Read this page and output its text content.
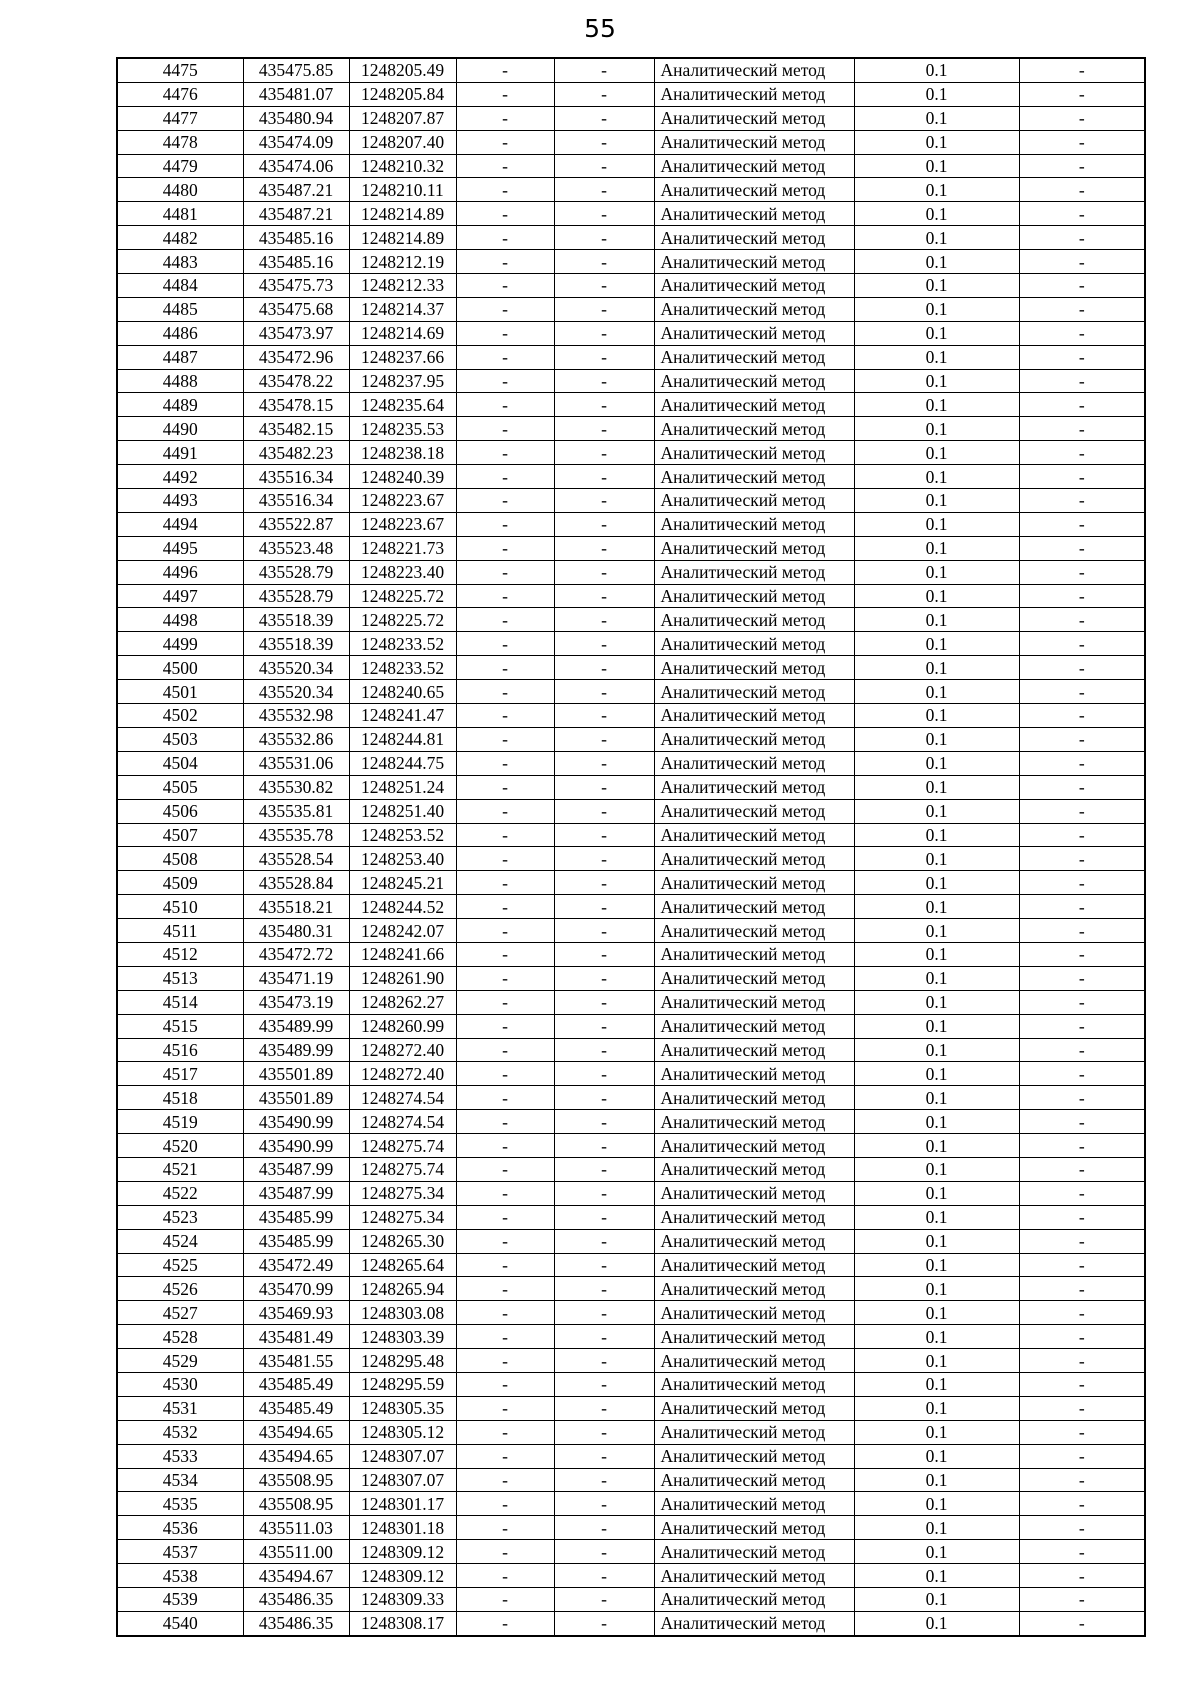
55
4475	435475.85	1248205.49	-	-	Аналитический метод	0.1	-
4476	435481.07	1248205.84	-	-	Аналитический метод	0.1	-
4477	435480.94	1248207.87	-	-	Аналитический метод	0.1	-
4478	435474.09	1248207.40	-	-	Аналитический метод	0.1	-
4479	435474.06	1248210.32	-	-	Аналитический метод	0.1	-
4480	435487.21	1248210.11	-	-	Аналитический метод	0.1	-
4481	435487.21	1248214.89	-	-	Аналитический метод	0.1	-
4482	435485.16	1248214.89	-	-	Аналитический метод	0.1	-
4483	435485.16	1248212.19	-	-	Аналитический метод	0.1	-
4484	435475.73	1248212.33	-	-	Аналитический метод	0.1	-
4485	435475.68	1248214.37	-	-	Аналитический метод	0.1	-
4486	435473.97	1248214.69	-	-	Аналитический метод	0.1	-
4487	435472.96	1248237.66	-	-	Аналитический метод	0.1	-
4488	435478.22	1248237.95	-	-	Аналитический метод	0.1	-
4489	435478.15	1248235.64	-	-	Аналитический метод	0.1	-
4490	435482.15	1248235.53	-	-	Аналитический метод	0.1	-
4491	435482.23	1248238.18	-	-	Аналитический метод	0.1	-
4492	435516.34	1248240.39	-	-	Аналитический метод	0.1	-
4493	435516.34	1248223.67	-	-	Аналитический метод	0.1	-
4494	435522.87	1248223.67	-	-	Аналитический метод	0.1	-
4495	435523.48	1248221.73	-	-	Аналитический метод	0.1	-
4496	435528.79	1248223.40	-	-	Аналитический метод	0.1	-
4497	435528.79	1248225.72	-	-	Аналитический метод	0.1	-
4498	435518.39	1248225.72	-	-	Аналитический метод	0.1	-
4499	435518.39	1248233.52	-	-	Аналитический метод	0.1	-
4500	435520.34	1248233.52	-	-	Аналитический метод	0.1	-
4501	435520.34	1248240.65	-	-	Аналитический метод	0.1	-
4502	435532.98	1248241.47	-	-	Аналитический метод	0.1	-
4503	435532.86	1248244.81	-	-	Аналитический метод	0.1	-
4504	435531.06	1248244.75	-	-	Аналитический метод	0.1	-
4505	435530.82	1248251.24	-	-	Аналитический метод	0.1	-
4506	435535.81	1248251.40	-	-	Аналитический метод	0.1	-
4507	435535.78	1248253.52	-	-	Аналитический метод	0.1	-
4508	435528.54	1248253.40	-	-	Аналитический метод	0.1	-
4509	435528.84	1248245.21	-	-	Аналитический метод	0.1	-
4510	435518.21	1248244.52	-	-	Аналитический метод	0.1	-
4511	435480.31	1248242.07	-	-	Аналитический метод	0.1	-
4512	435472.72	1248241.66	-	-	Аналитический метод	0.1	-
4513	435471.19	1248261.90	-	-	Аналитический метод	0.1	-
4514	435473.19	1248262.27	-	-	Аналитический метод	0.1	-
4515	435489.99	1248260.99	-	-	Аналитический метод	0.1	-
4516	435489.99	1248272.40	-	-	Аналитический метод	0.1	-
4517	435501.89	1248272.40	-	-	Аналитический метод	0.1	-
4518	435501.89	1248274.54	-	-	Аналитический метод	0.1	-
4519	435490.99	1248274.54	-	-	Аналитический метод	0.1	-
4520	435490.99	1248275.74	-	-	Аналитический метод	0.1	-
4521	435487.99	1248275.74	-	-	Аналитический метод	0.1	-
4522	435487.99	1248275.34	-	-	Аналитический метод	0.1	-
4523	435485.99	1248275.34	-	-	Аналитический метод	0.1	-
4524	435485.99	1248265.30	-	-	Аналитический метод	0.1	-
4525	435472.49	1248265.64	-	-	Аналитический метод	0.1	-
4526	435470.99	1248265.94	-	-	Аналитический метод	0.1	-
4527	435469.93	1248303.08	-	-	Аналитический метод	0.1	-
4528	435481.49	1248303.39	-	-	Аналитический метод	0.1	-
4529	435481.55	1248295.48	-	-	Аналитический метод	0.1	-
4530	435485.49	1248295.59	-	-	Аналитический метод	0.1	-
4531	435485.49	1248305.35	-	-	Аналитический метод	0.1	-
4532	435494.65	1248305.12	-	-	Аналитический метод	0.1	-
4533	435494.65	1248307.07	-	-	Аналитический метод	0.1	-
4534	435508.95	1248307.07	-	-	Аналитический метод	0.1	-
4535	435508.95	1248301.17	-	-	Аналитический метод	0.1	-
4536	435511.03	1248301.18	-	-	Аналитический метод	0.1	-
4537	435511.00	1248309.12	-	-	Аналитический метод	0.1	-
4538	435494.67	1248309.12	-	-	Аналитический метод	0.1	-
4539	435486.35	1248309.33	-	-	Аналитический метод	0.1	-
4540	435486.35	1248308.17	-	-	Аналитический метод	0.1	-
